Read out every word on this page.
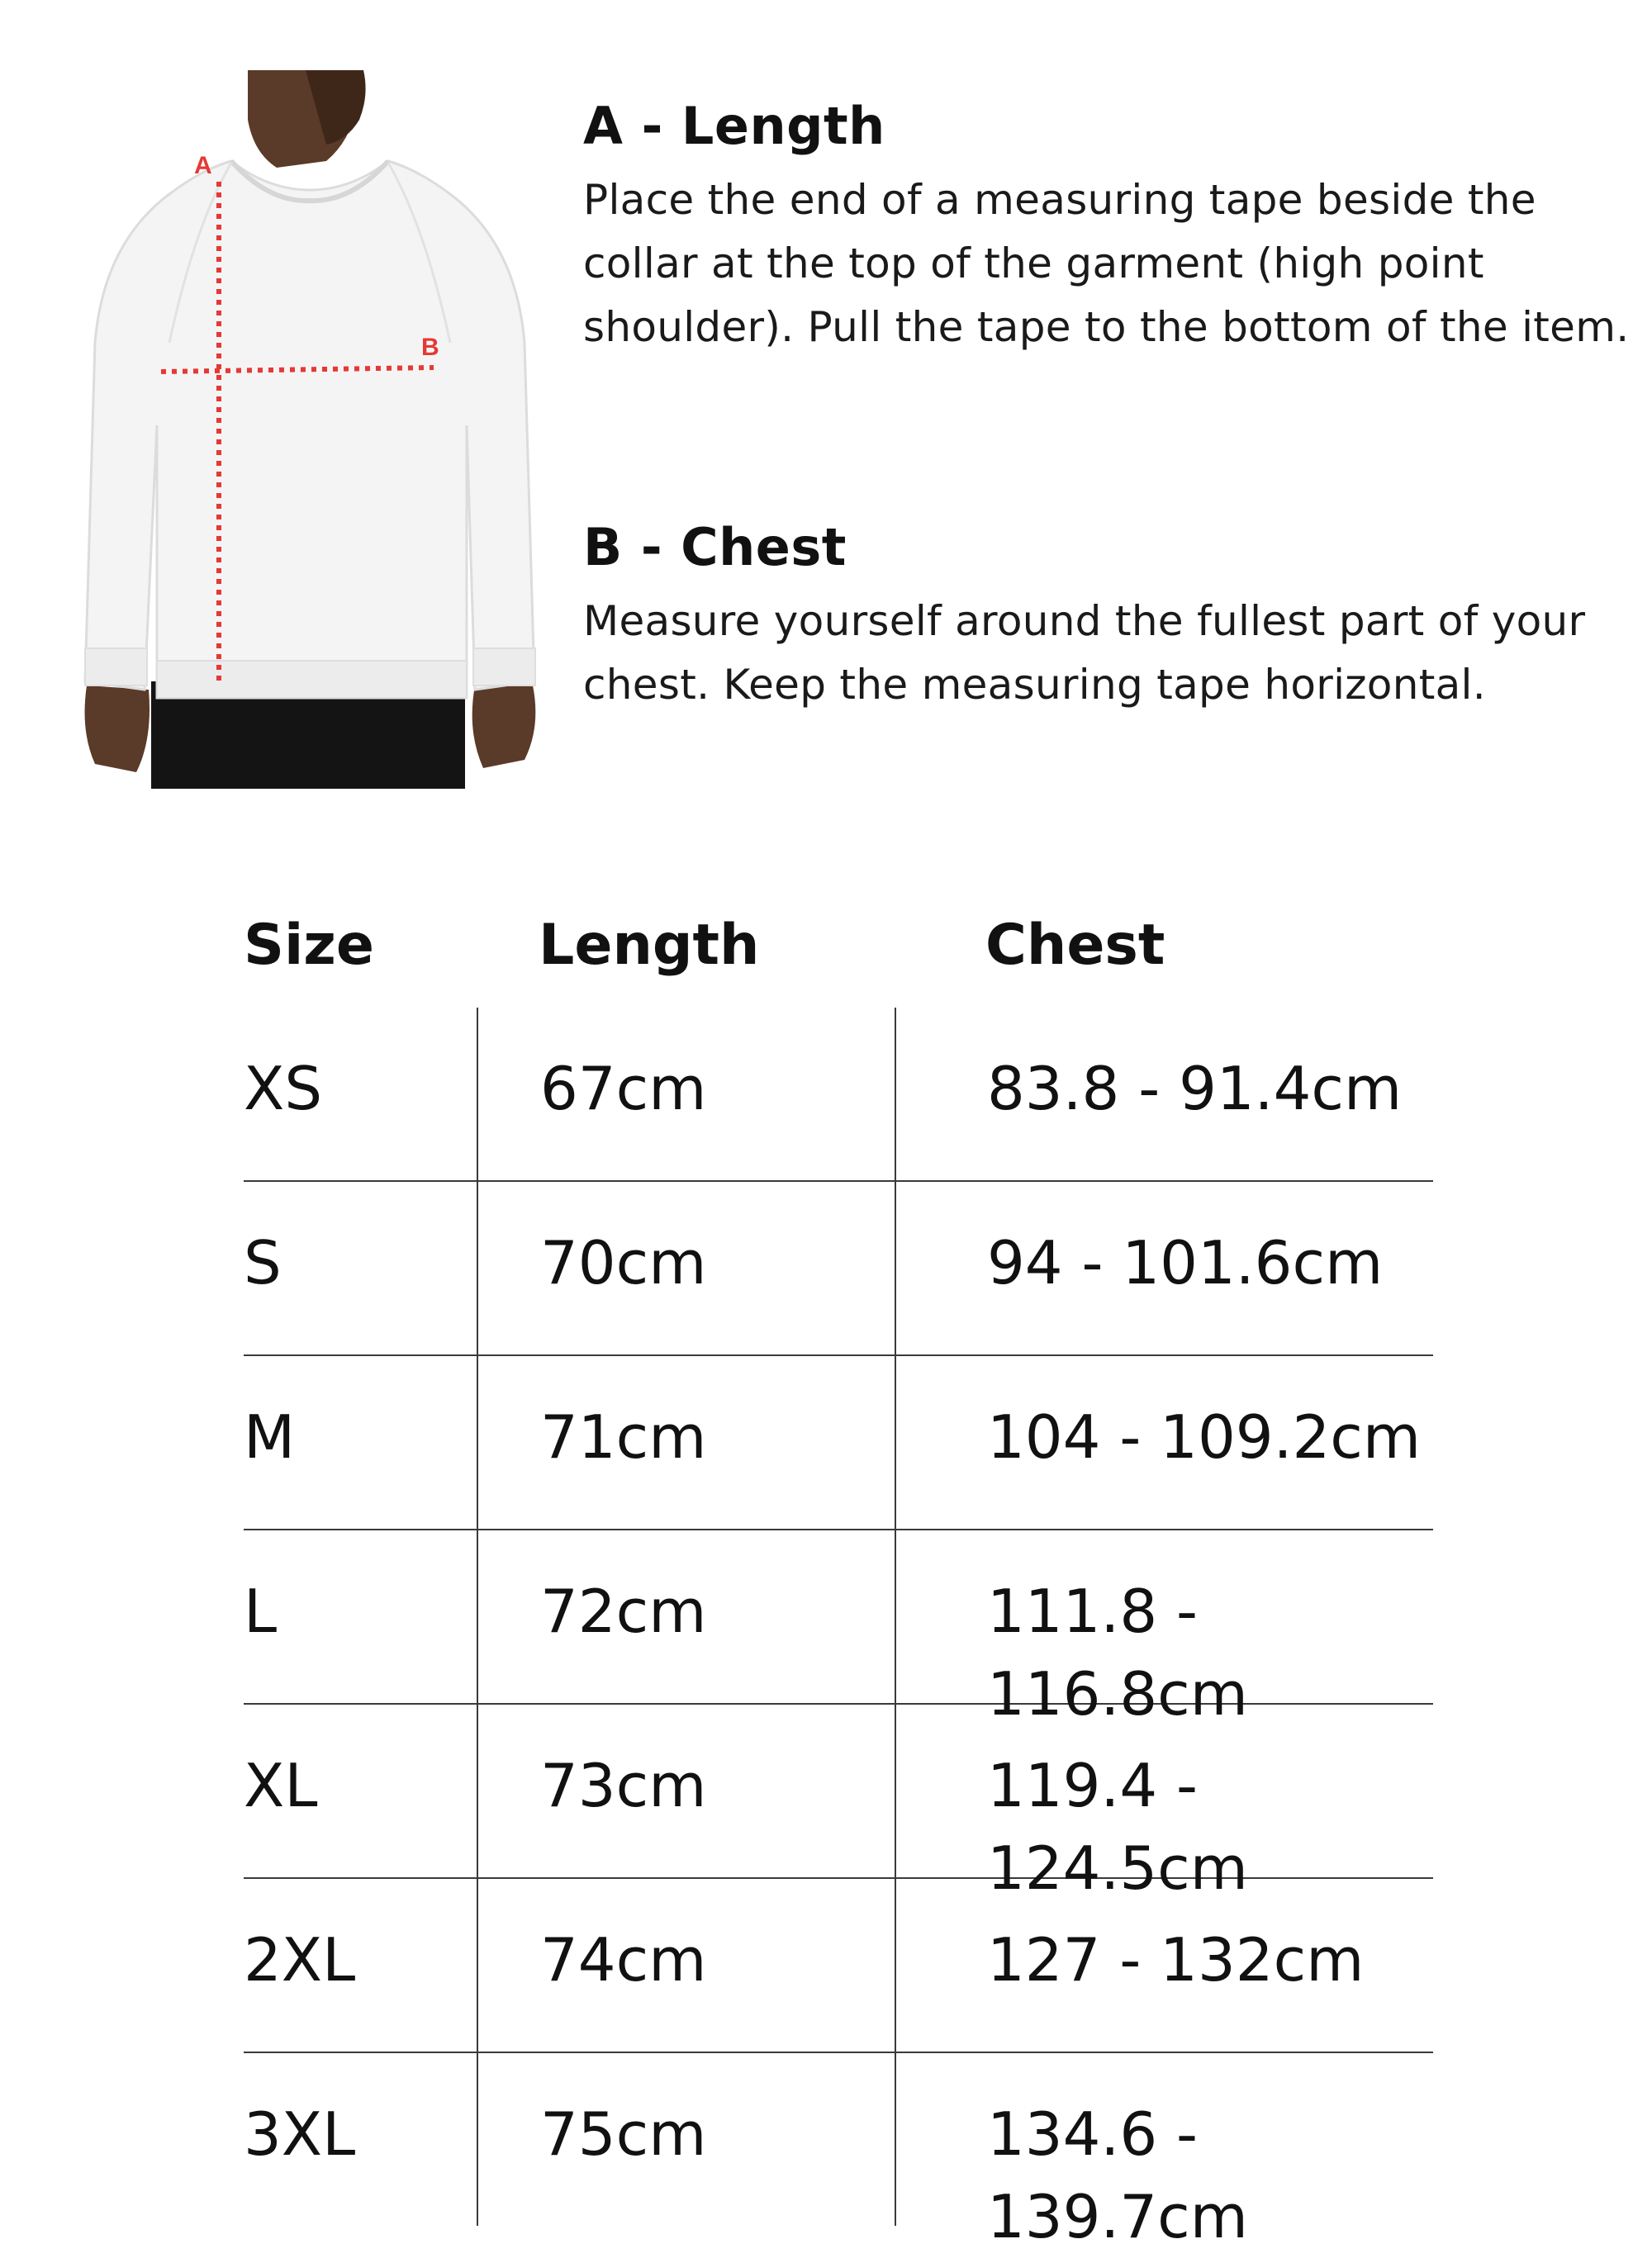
A
B
A - Length

Place the end of a measuring tape beside the collar at the top of the garment (high point shoulder). Pull the tape to the bottom of the item.

B - Chest

Measure yourself around the fullest part of your chest. Keep the measuring tape horizontal.

Size	Length	Chest
XS	67cm	83.8 - 91.4cm
S	70cm	94 - 101.6cm
M	71cm	104 - 109.2cm
L	72cm	111.8 - 116.8cm
XL	73cm	119.4 - 124.5cm
2XL	74cm	127 - 132cm
3XL	75cm	134.6 - 139.7cm
